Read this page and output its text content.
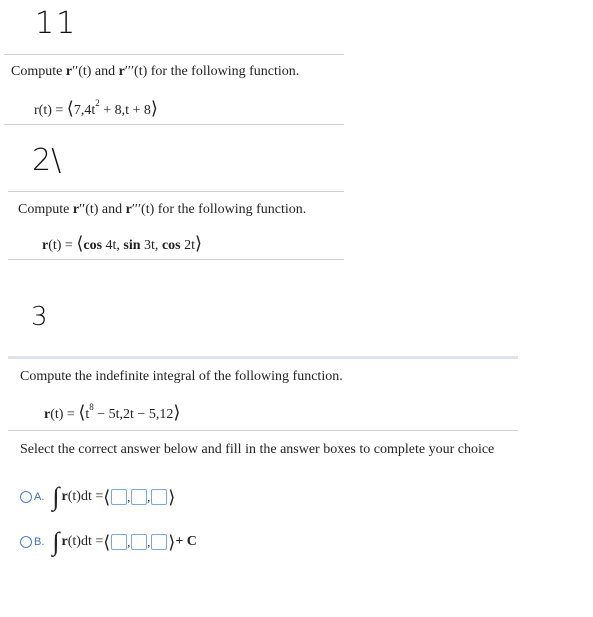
11
2\
3
Compute r′′(t) and r′′′(t) for the following function.
$r(t) = ⟨7,4t^2 + 8,t$ + 8⟩
Compute r′′(t) and r′′′(t) for the following function.
r(t) = ⟨cos 4t, sin 3t, cos 2t⟩
Compute the indefinite integral of the following function.
$r(t) = ⟨t^8 - 5t,2t$ − 5,12⟩
Select the correct answer below and fill in the answer boxes to complete your choice
A. ∫ r (t)dt = ⟨ , , ⟩
B. ∫ r (t)dt = ⟨ , , ⟩ + C
